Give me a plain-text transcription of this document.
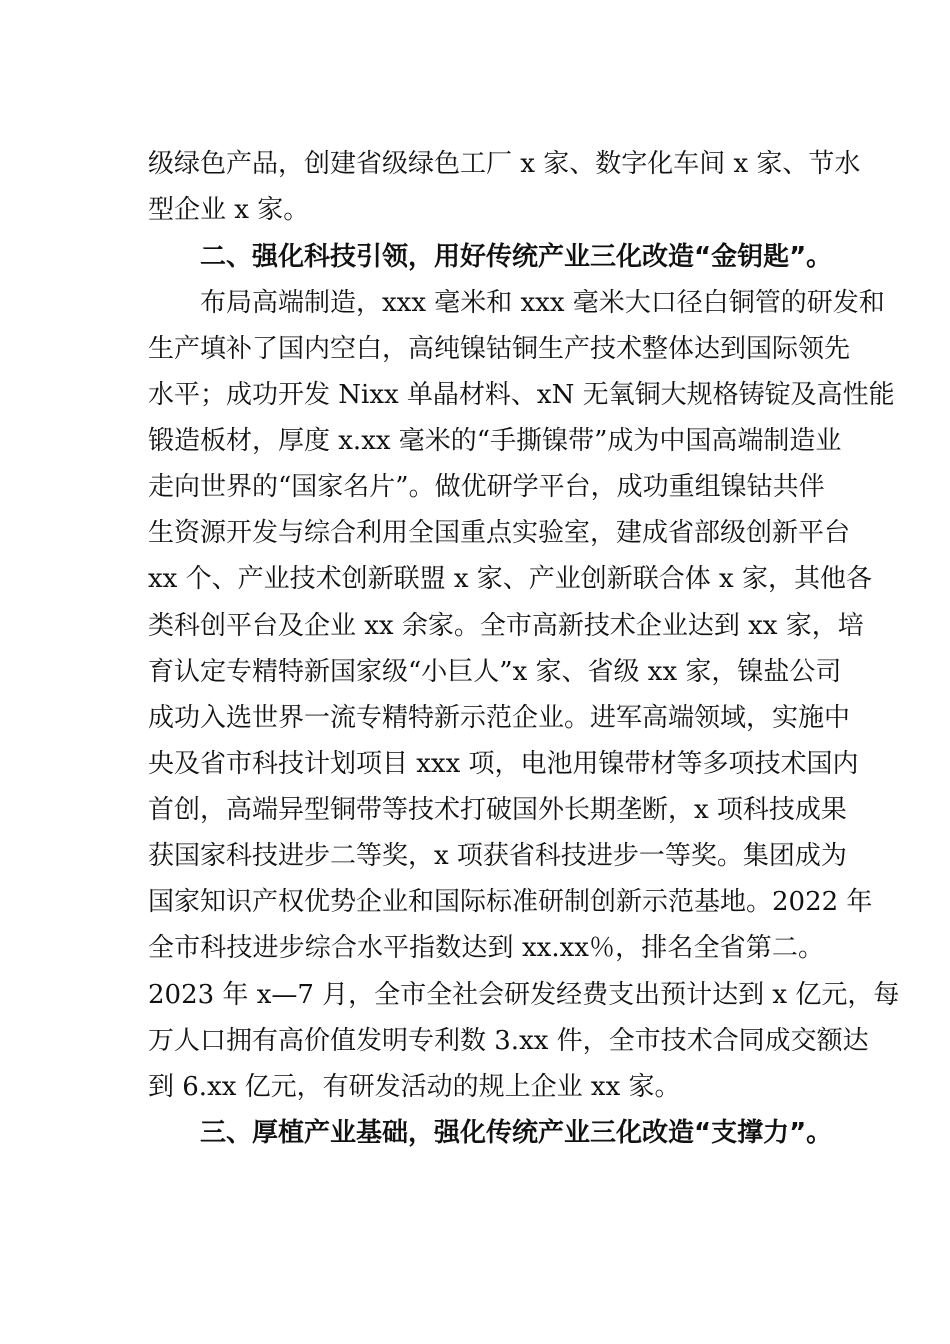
级绿色产品，创建省级绿色工厂 x 家、数字化车间 x 家、节水
型企业 x 家。
二、强化科技引领，用好传统产业三化改造“金钥匙”。
布局高端制造，xxx 毫米和 xxx 毫米大口径白铜管的研发和
生产填补了国内空白，高纯镍钴铜生产技术整体达到国际领先
水平；成功开发 Nixx 单晶材料、xN 无氧铜大规格铸锭及高性能
锻造板材，厚度 x.xx 毫米的“手撕镍带”成为中国高端制造业
走向世界的“国家名片”。做优研学平台，成功重组镍钴共伴
生资源开发与综合利用全国重点实验室，建成省部级创新平台
xx 个、产业技术创新联盟 x 家、产业创新联合体 x 家，其他各
类科创平台及企业 xx 余家。全市高新技术企业达到 xx 家，培
育认定专精特新国家级“小巨人”x 家、省级 xx 家，镍盐公司
成功入选世界一流专精特新示范企业。进军高端领域，实施中
央及省市科技计划项目 xxx 项，电池用镍带材等多项技术国内
首创，高端异型铜带等技术打破国外长期垄断，x 项科技成果
获国家科技进步二等奖，x 项获省科技进步一等奖。集团成为
国家知识产权优势企业和国际标准研制创新示范基地。2022 年
全市科技进步综合水平指数达到 xx.xx％，排名全省第二。
2023 年 x—7 月，全市全社会研发经费支出预计达到 x 亿元，每
万人口拥有高价值发明专利数 3.xx 件，全市技术合同成交额达
到 6.xx 亿元，有研发活动的规上企业 xx 家。
三、厚植产业基础，强化传统产业三化改造“支撑力”。
